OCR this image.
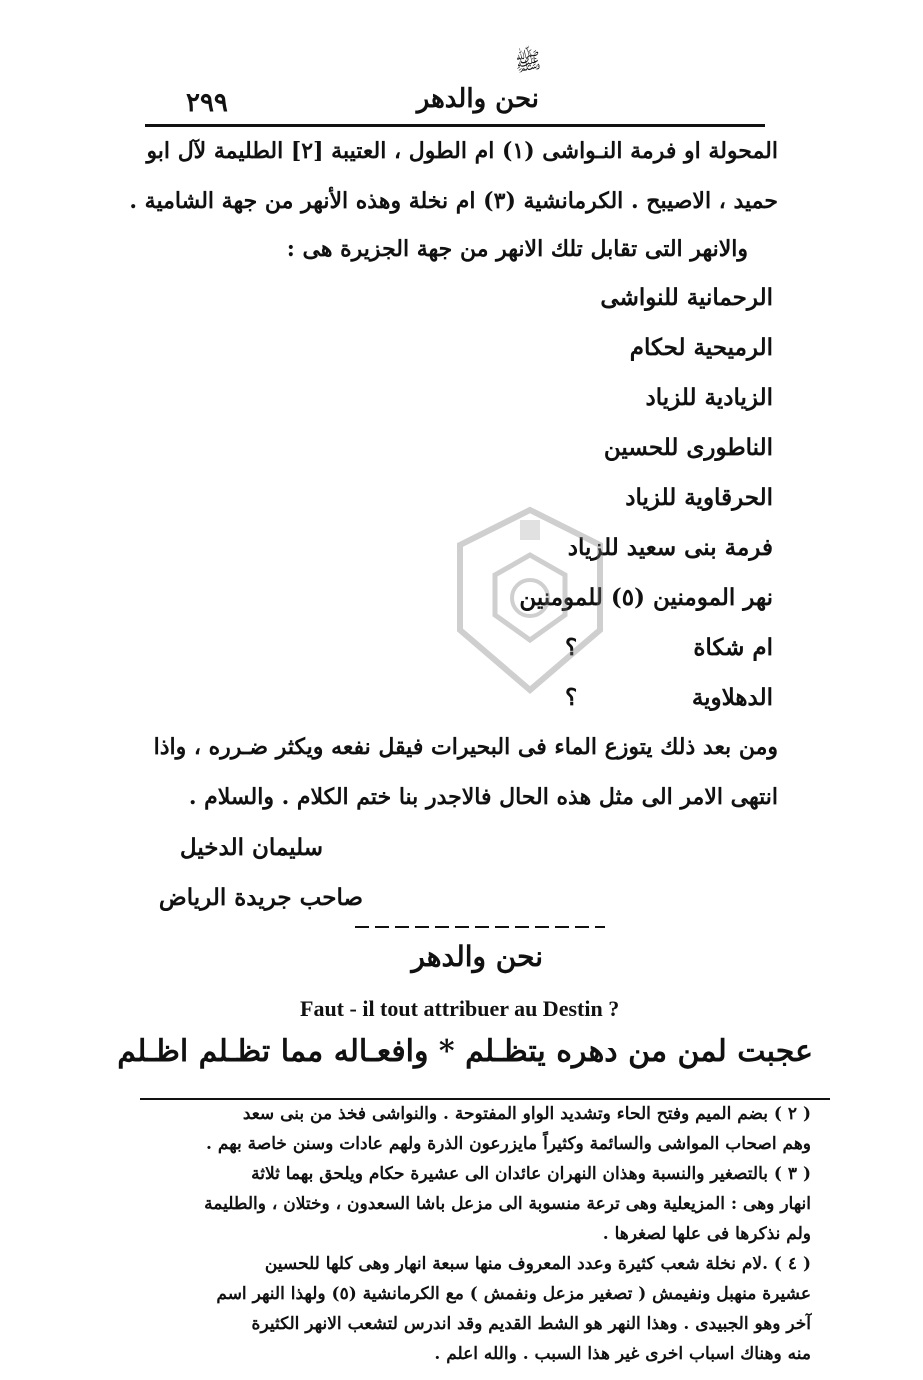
٢٩٩
ﷺ
نحن والدهر
المحولة او فرمة النـواشى (١) ام الطول ، العتيبة [٢] الطليمة لآل ابو
حميد ، الاصيبح . الكرمانشية (٣) ام نخلة وهذه الأنهر من جهة الشامية .
والانهر التى تقابل تلك الانهر من جهة الجزيرة هى :
الرحمانية للنواشى
الرميحية لحكام
الزيادية للزياد
الناطورى للحسين
الحرقاوية للزياد
فرمة بنى سعيد للزياد
نهر المومنين (٥) للمومنين
ام شكاة
؟
الدهلاوية
؟
ومن بعد ذلك يتوزع الماء فى البحيرات فيقل نفعه ويكثر ضـرره ، واذا
انتهى الامر الى مثل هذه الحال فالاجدر بنا ختم الكلام . والسلام .
سليمان الدخيل
صاحب جريدة الرياض
نحن والدهر
Faut - il tout attribuer au Destin ?
عجبت لمن من دهره يتظـلم * وافعـاله مما تظـلم اظـلم
( ٢ ) بضم الميم وفتح الحاء وتشديد الواو المفتوحة . والنواشى فخذ من بنى سعد
وهم اصحاب المواشى والسائمة وكثيراً مايزرعون الذرة ولهم عادات وسنن خاصة بهم .
( ٣ ) بالتصغير والنسبة وهذان النهران عائدان الى عشيرة حكام ويلحق بهما ثلاثة
انهار وهى : المزيعلية وهى ترعة منسوبة الى مزعل باشا السعدون ، وختلان ، والطليمة
ولم نذكرها فى علها لصغرها .
( ٤ ) .لام نخلة شعب كثيرة وعدد المعروف منها سبعة انهار وهى كلها للحسين
عشيرة منهبل ونفيمش ( تصغير مزعل ونفمش ) مع الكرمانشية (٥) ولهذا النهر اسم
آخر وهو الجبيدى . وهذا النهر هو الشط القديم وقد اندرس لتشعب الانهر الكثيرة
منه وهناك اسباب اخرى غير هذا السبب . والله اعلم .
